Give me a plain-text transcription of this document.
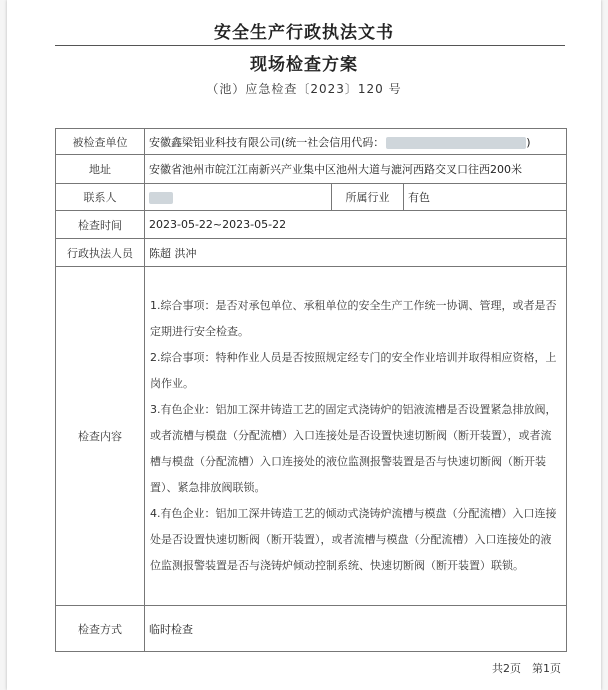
安全生产行政执法文书
现场检查方案
（池）应急检查〔2023〕120 号
被检查单位	安徽鑫梁铝业科技有限公司(统一社会信用代码： )		
地址	安徽省池州市皖江江南新兴产业集中区池州大道与漉河西路交叉口往西200米		
联系人		所属行业	有色
检查时间	2023-05-22~2023-05-22		
行政执法人员	陈超 洪冲		
检查内容	1.综合事项：是否对承包单位、承租单位的安全生产工作统一协调、管理，或者是否定期进行安全检查。
2.综合事项：特种作业人员是否按照规定经专门的安全作业培训并取得相应资格，上岗作业。
3.有色企业：铝加工深井铸造工艺的固定式浇铸炉的铝液流槽是否设置紧急排放阀，或者流槽与模盘（分配流槽）入口连接处是否设置快速切断阀（断开装置），或者流槽与模盘（分配流槽）入口连接处的液位监测报警装置是否与快速切断阀（断开装置）、紧急排放阀联锁。
4.有色企业：铝加工深井铸造工艺的倾动式浇铸炉流槽与模盘（分配流槽）入口连接处是否设置快速切断阀（断开装置），或者流槽与模盘（分配流槽）入口连接处的液位监测报警装置是否与浇铸炉倾动控制系统、快速切断阀（断开装置）联锁。		

检查方式	临时检查		
共2页　第1页
